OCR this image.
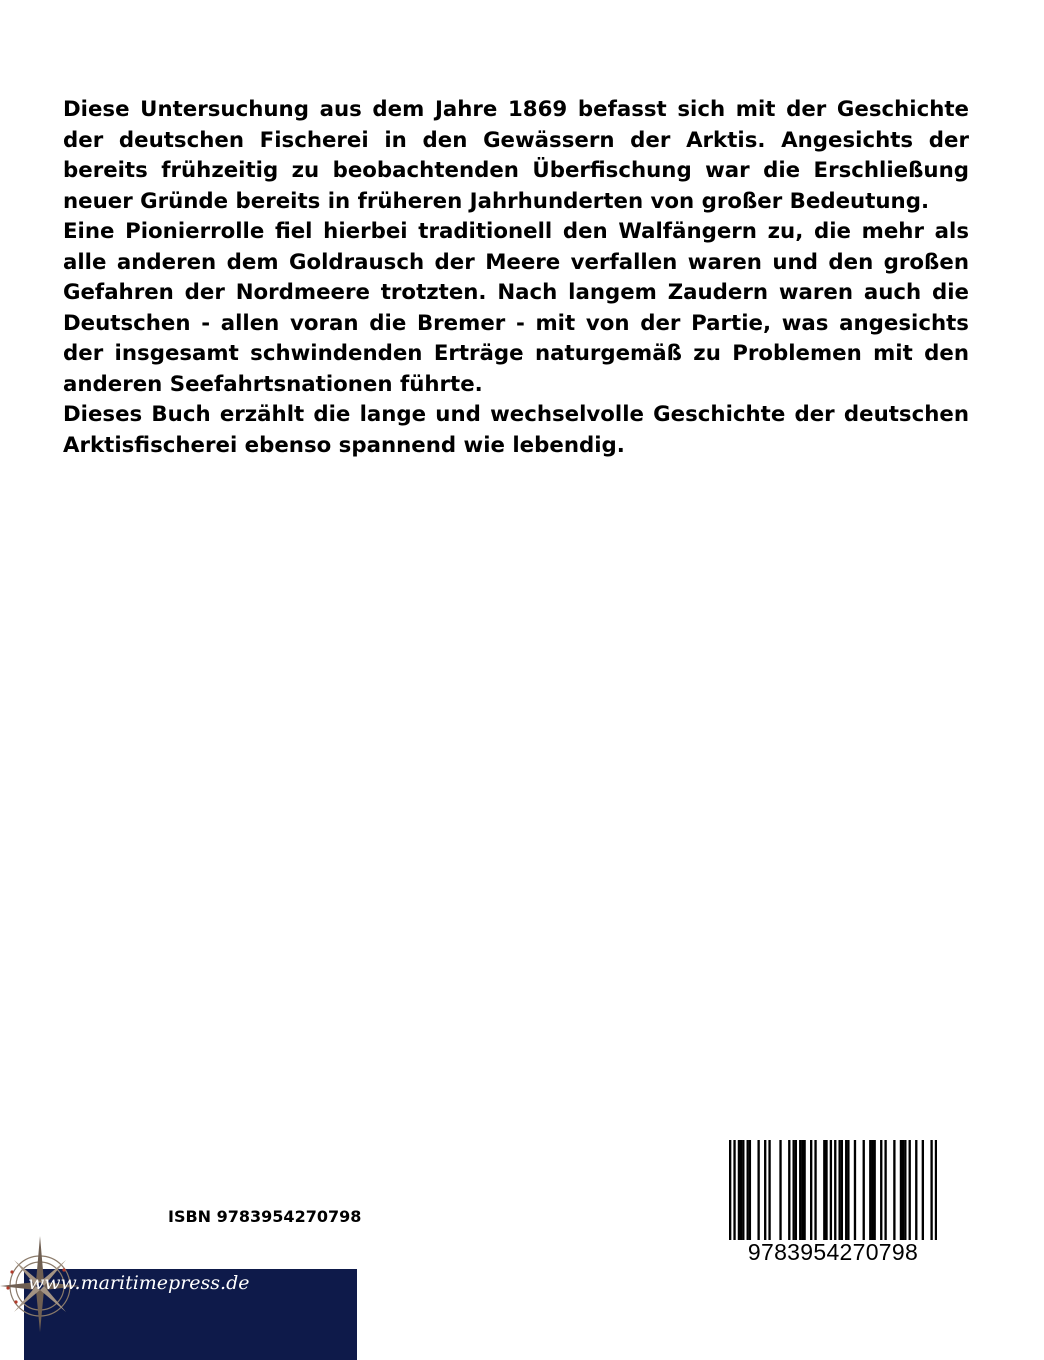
Diese Untersuchung aus dem Jahre 1869 befasst sich mit der Geschichte der deutschen Fischerei in den Gewässern der Arktis. Angesichts der bereits frühzeitig zu beobachtenden Überfischung war die Erschließung neuer Gründe bereits in früheren Jahrhunderten von großer Bedeutung.

Eine Pionierrolle fiel hierbei traditionell den Walfängern zu, die mehr als alle anderen dem Goldrausch der Meere verfallen waren und den großen Gefahren der Nordmeere trotzten. Nach langem Zaudern waren auch die Deutschen - allen voran die Bremer - mit von der Partie, was angesichts der insgesamt schwindenden Erträge naturgemäß zu Problemen mit den anderen Seefahrtsnationen führte.

Dieses Buch erzählt die lange und wechselvolle Geschichte der deutschen Arktisfischerei ebenso spannend wie lebendig.

ISBN 9783954270798
9783954270798
www.maritimepress.de
